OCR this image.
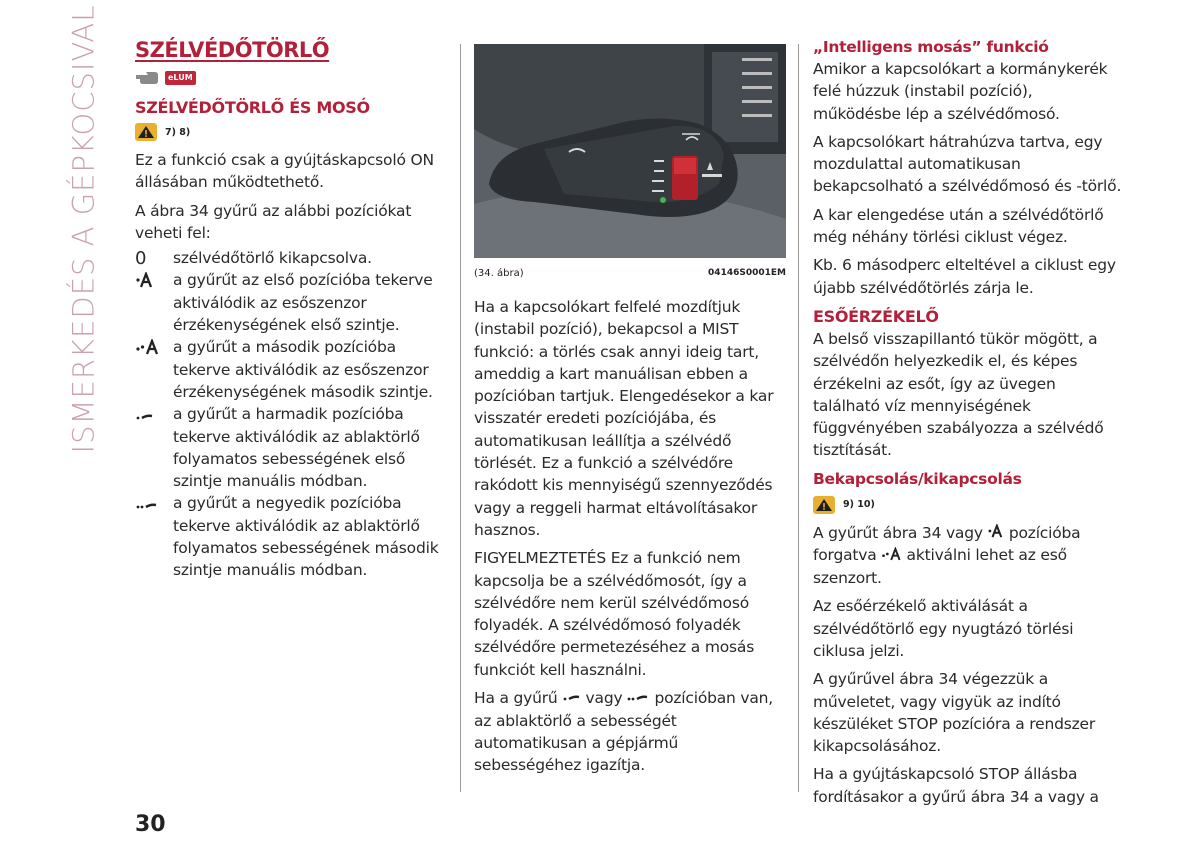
ISMERKEDÉS A GÉPKOCSIVAL SZÉLVÉDŐTÖRLŐ
eLUM
SZÉLVÉDŐTÖRLŐ ÉS MOSÓ
7) 8)

Ez a funkció csak a gyújtáskapcsoló ON állásában működtethető.

A ábra 34 gyűrű az alábbi pozíciókat veheti fel:

0	szélvédőtörlő kikapcsolva.
a gyűrűt az első pozícióba tekerve aktiválódik az esőszenzor érzékenységének első szintje.
a gyűrűt a második pozícióba tekerve aktiválódik az esőszenzor érzékenységének második szintje.
a gyűrűt a harmadik pozícióba tekerve aktiválódik az ablaktörlő folyamatos sebességének első szintje manuális módban.
a gyűrűt a negyedik pozícióba tekerve aktiválódik az ablaktörlő folyamatos sebességének második szintje manuális módban.
(34. ábra)	04146S0001EM

Ha a kapcsolókart felfelé mozdítjuk (instabil pozíció), bekapcsol a MIST funkció: a törlés csak annyi ideig tart, ameddig a kart manuálisan ebben a pozícióban tartjuk. Elengedésekor a kar visszatér eredeti pozíciójába, és automatikusan leállítja a szélvédő törlését. Ez a funkció a szélvédőre rakódott kis mennyiségű szennyeződés vagy a reggeli harmat eltávolításakor hasznos.

FIGYELMEZTETÉS Ez a funkció nem kapcsolja be a szélvédőmosót, így a szélvédőre nem kerül szélvédőmosó folyadék. A szélvédőmosó folyadék szélvédőre permetezéséhez a mosás funkciót kell használni.

Ha a gyűrű vagy pozícióban van, az ablaktörlő a sebességét automatikusan a gépjármű sebességéhez igazítja.

„Intelligens mosás” funkció

Amikor a kapcsolókart a kormánykerék felé húzzuk (instabil pozíció), működésbe lép a szélvédőmosó.

A kapcsolókart hátrahúzva tartva, egy mozdulattal automatikusan bekapcsolható a szélvédőmosó és -törlő.

A kar elengedése után a szélvédőtörlő még néhány törlési ciklust végez.

Kb. 6 másodperc elteltével a ciklust egy újabb szélvédőtörlés zárja le.

ESŐÉRZÉKELŐ

A belső visszapillantó tükör mögött, a szélvédőn helyezkedik el, és képes érzékelni az esőt, így az üvegen található víz mennyiségének függvényében szabályozza a szélvédő tisztítását.

Bekapcsolás/kikapcsolás
9) 10)

A gyűrűt ábra 34 vagy pozícióba forgatva aktiválni lehet az eső szenzort.

Az esőérzékelő aktiválását a szélvédőtörlő egy nyugtázó törlési ciklusa jelzi.

A gyűrűvel ábra 34 végezzük a műveletet, vagy vigyük az indító készüléket STOP pozícióra a rendszer kikapcsolásához.

Ha a gyújtáskapcsoló STOP állásba fordításakor a gyűrű ábra 34 a vagy a

30
